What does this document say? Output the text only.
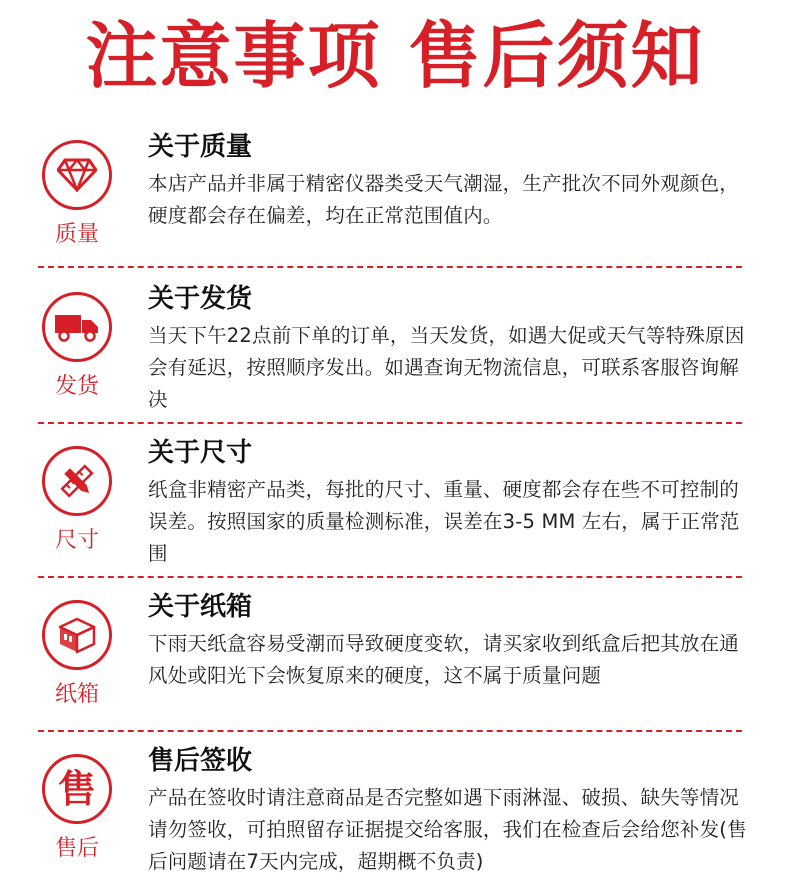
注意事项 售后须知
质量
关于质量

本店产品并非属于精密仪器类受天气潮湿，生产批次不同外观颜色，硬度都会存在偏差，均在正常范围值内。

发货
关于发货

当天下午22点前下单的订单，当天发货，如遇大促或天气等特殊原因会有延迟，按照顺序发出。如遇查询无物流信息，可联系客服咨询解决

尺寸
关于尺寸

纸盒非精密产品类，每批的尺寸、重量、硬度都会存在些不可控制的误差。按照国家的质量检测标准，误差在3-5 MM 左右，属于正常范围

纸箱
关于纸箱

下雨天纸盒容易受潮而导致硬度变软，请买家收到纸盒后把其放在通风处或阳光下会恢复原来的硬度，这不属于质量问题

售
售后
售后签收

产品在签收时请注意商品是否完整如遇下雨淋湿、破损、缺失等情况请勿签收，可拍照留存证据提交给客服，我们在检查后会给您补发(售后问题请在7天内完成，超期概不负责)
